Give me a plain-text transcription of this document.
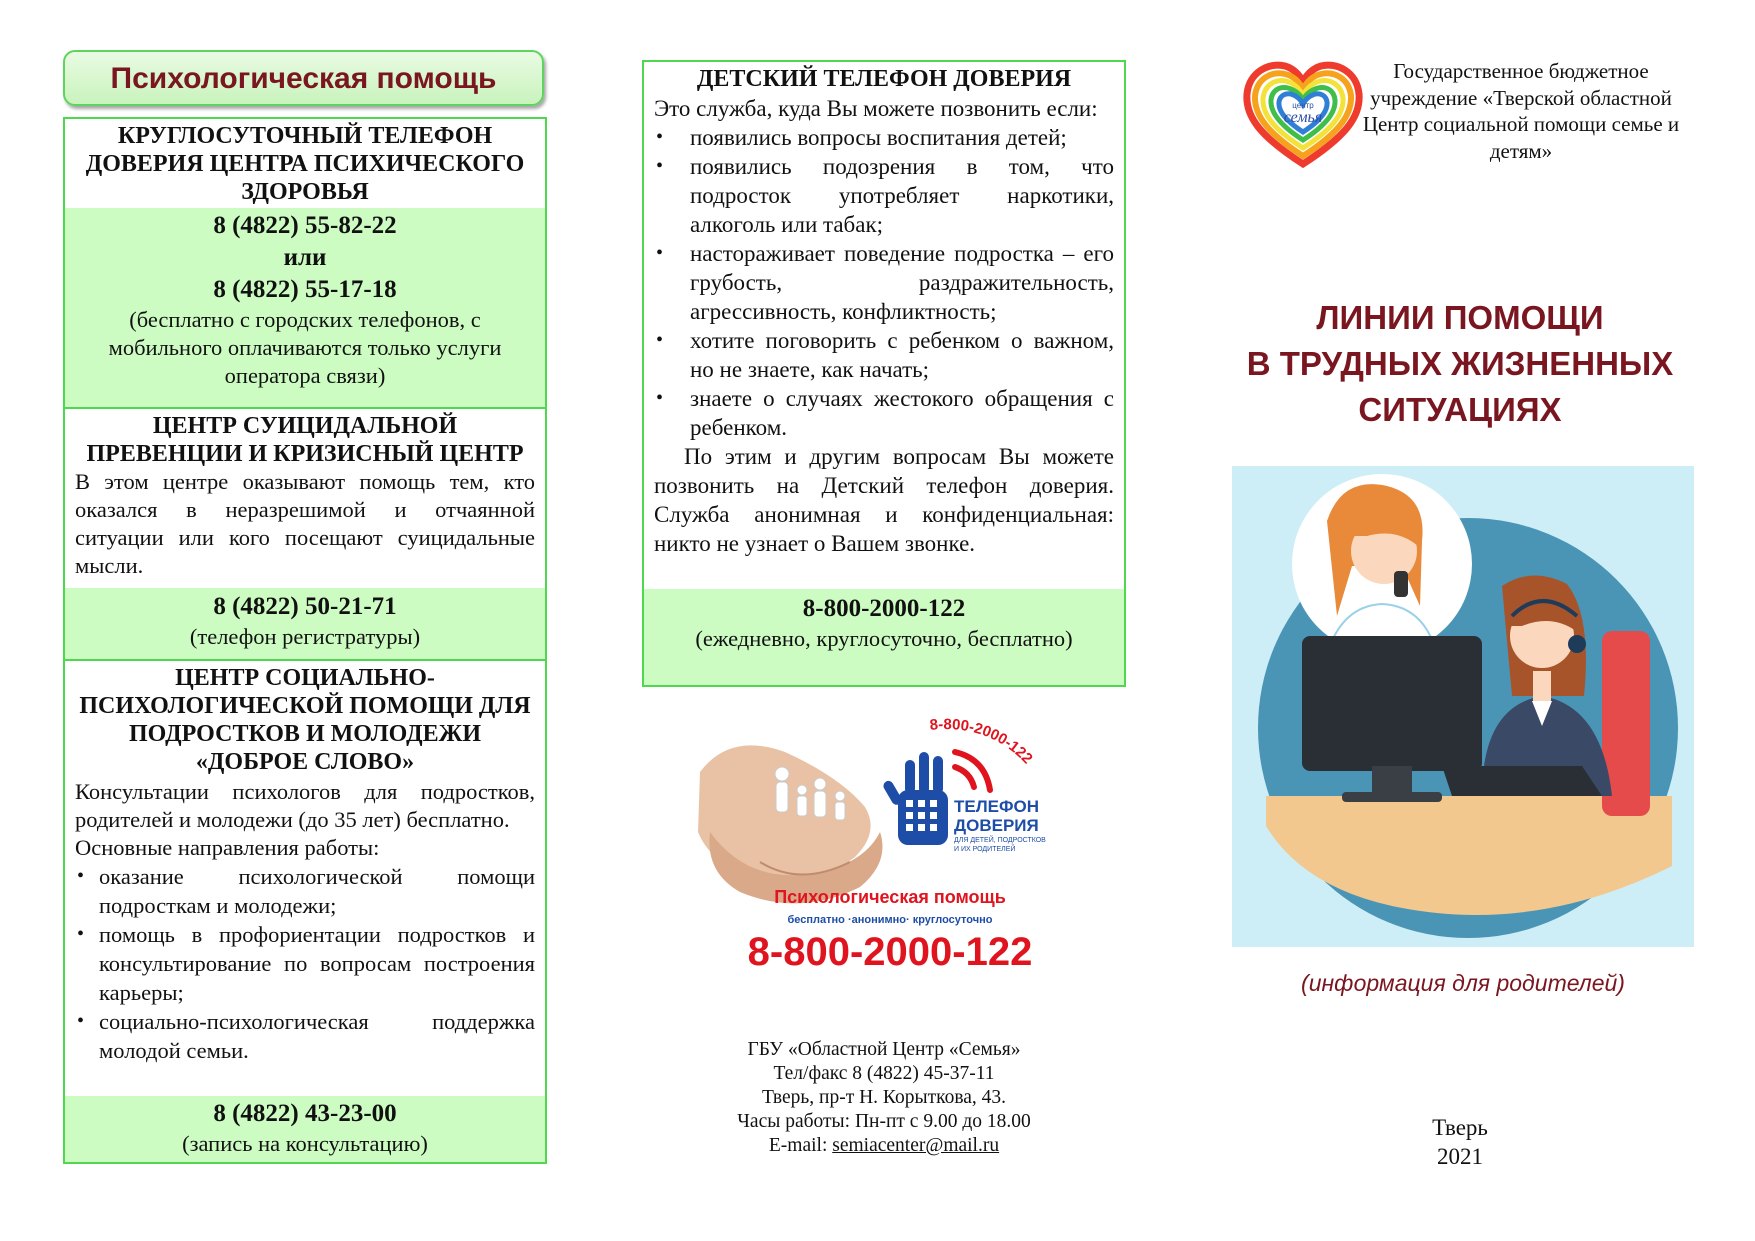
Психологическая помощь
КРУГЛОСУТОЧНЫЙ ТЕЛЕФОН ДОВЕРИЯ ЦЕНТРА ПСИХИЧЕСКОГО ЗДОРОВЬЯ
8 (4822) 55-82-22
или
8 (4822) 55-17-18
(бесплатно с городских телефонов, с мобильного оплачиваются только услуги оператора связи)
ЦЕНТР СУИЦИДАЛЬНОЙ ПРЕВЕНЦИИ И КРИЗИСНЫЙ ЦЕНТР
В этом центре оказывают помощь тем, кто оказался в неразрешимой и отчаянной ситуации или кого посещают суицидальные мысли.
8 (4822) 50-21-71
(телефон регистратуры)
ЦЕНТР СОЦИАЛЬНО-ПСИХОЛОГИЧЕСКОЙ ПОМОЩИ ДЛЯ ПОДРОСТКОВ И МОЛОДЕЖИ «ДОБРОЕ СЛОВО»
Консультации психологов для подростков, родителей и молодежи (до 35 лет) бесплатно.
Основные направления работы:
• оказание психологической помощи подросткам и молодежи;
• помощь в профориентации подростков и консультирование по вопросам построения карьеры;
• социально-психологическая поддержка молодой семьи.
8 (4822) 43-23-00
(запись на консультацию)
ДЕТСКИЙ ТЕЛЕФОН ДОВЕРИЯ
Это служба, куда Вы можете позвонить если:
• появились вопросы воспитания детей;
• появились подозрения в том, что подросток употребляет наркотики, алкоголь или табак;
• настораживает поведение подростка – его грубость, раздражительность, агрессивность, конфликтность;
• хотите поговорить с ребенком о важном, но не знаете, как начать;
• знаете о случаях жестокого обращения с ребенком.
По этим и другим вопросам Вы можете позвонить на Детский телефон доверия. Служба анонимная и конфиденциальная: никто не узнает о Вашем звонке.
8-800-2000-122
(ежедневно, круглосуточно, бесплатно)
8-800-2000-122
ТЕЛЕФОН
ДОВЕРИЯ
ДЛЯ ДЕТЕЙ, ПОДРОСТКОВ
И ИХ РОДИТЕЛЕЙ
Психологическая помощь
бесплатно ·анонимно· круглосуточно
8-800-2000-122
ГБУ «Областной Центр «Семья»
Тел/факс 8 (4822) 45-37-11
Тверь, пр-т Н. Корыткова, 43.
Часы работы: Пн-пт с 9.00 до 18.00
E-mail: semiacenter@mail.ru
центр
семья
Государственное бюджетное учреждение «Тверской областной Центр социальной помощи семье и детям»
ЛИНИИ ПОМОЩИ
В ТРУДНЫХ ЖИЗНЕННЫХ
СИТУАЦИЯХ
(информация для родителей)
Тверь
2021
